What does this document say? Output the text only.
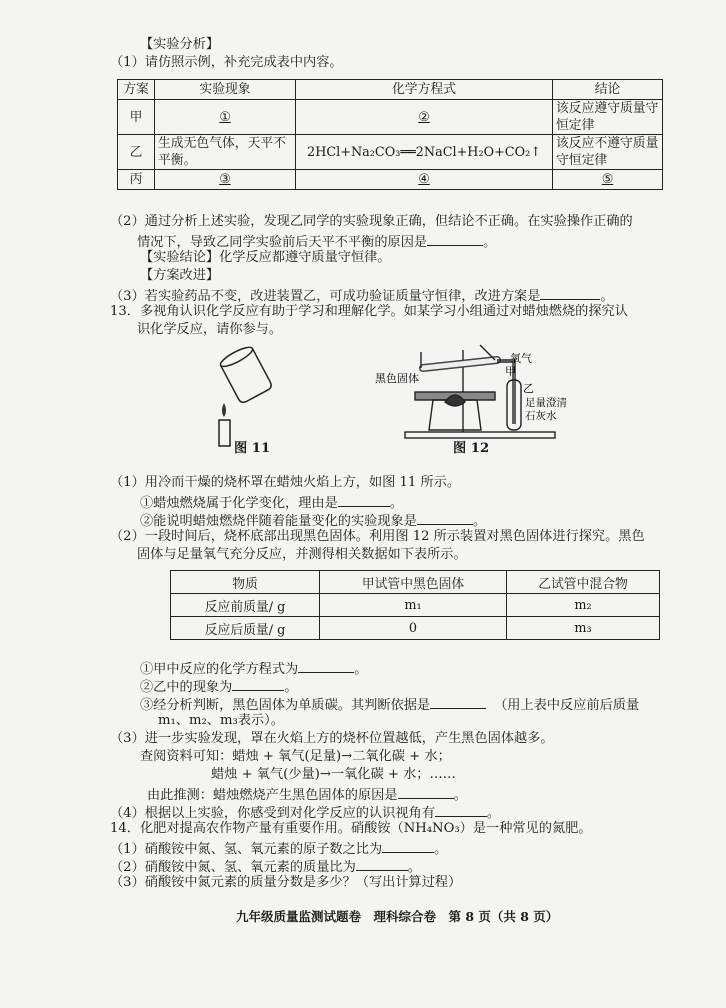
【实验分析】
（1）请仿照示例，补充完成表中内容。
方案	实验现象	化学方程式	结论
甲	①	②	该反应遵守质量守
恒定律
乙	生成无色气体，天平不
平衡。	2HCl+Na₂CO₃══2NaCl+H₂O+CO₂↑	该反应不遵守质量
守恒定律
丙	③	④	⑤
（2）通过分析上述实验，发现乙同学的实验现象正确，但结论不正确。在实验操作正确的
情况下，导致乙同学实验前后天平不平衡的原因是	。
【实验结论】化学反应都遵守质量守恒律。
【方案改进】
（3）若实验药品不变，改进装置乙，可成功验证质量守恒律，改进方案是	。
13．多视角认识化学反应有助于学习和理解化学。如某学习小组通过对蜡烛燃烧的探究认
识化学反应，请你参与。
图 11
氧气
黑色固体
甲
乙
足量澄清
石灰水
图 12
（1）用冷而干燥的烧杯罩在蜡烛火焰上方，如图 11 所示。
①蜡烛燃烧属于化学变化，理由是	。
②能说明蜡烛燃烧伴随着能量变化的实验现象是	。
（2）一段时间后，烧杯底部出现黑色固体。利用图 12 所示装置对黑色固体进行探究。黑色
固体与足量氧气充分反应，并测得相关数据如下表所示。
物质	甲试管中黑色固体	乙试管中混合物
反应前质量/ g	m₁	m₂
反应后质量/ g	0	m₃
①甲中反应的化学方程式为	。
②乙中的现象为	。
③经分析判断，黑色固体为单质碳。其判断依据是	（用上表中反应前后质量
m₁、m₂、m₃表示）。
（3）进一步实验发现，罩在火焰上方的烧杯位置越低，产生黑色固体越多。
查阅资料可知：蜡烛 + 氧气(足量)→二氧化碳 + 水；
蜡烛 + 氧气(少量)→一氧化碳 + 水；……
由此推测：蜡烛燃烧产生黑色固体的原因是	。
（4）根据以上实验，你感受到对化学反应的认识视角有	。
14．化肥对提高农作物产量有重要作用。硝酸铵（NH₄NO₃）是一种常见的氮肥。
（1）硝酸铵中氮、氢、氧元素的原子数之比为	。
（2）硝酸铵中氮、氢、氧元素的质量比为	。
（3）硝酸铵中氮元素的质量分数是多少？（写出计算过程）
九年级质量监测试题卷　理科综合卷　第 8 页（共 8 页）
